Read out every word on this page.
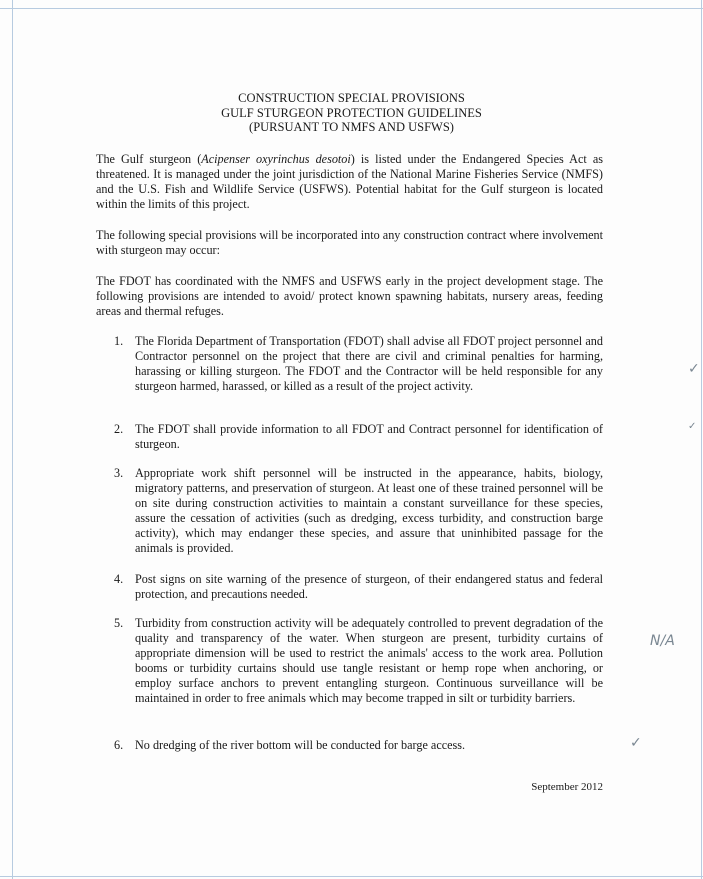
CONSTRUCTION SPECIAL PROVISIONS
GULF STURGEON PROTECTION GUIDELINES
(PURSUANT TO NMFS AND USFWS)
The Gulf sturgeon (Acipenser oxyrinchus desotoi) is listed under the Endangered Species Act as threatened. It is managed under the joint jurisdiction of the National Marine Fisheries Service (NMFS) and the U.S. Fish and Wildlife Service (USFWS). Potential habitat for the Gulf sturgeon is located within the limits of this project.
The following special provisions will be incorporated into any construction contract where involvement with sturgeon may occur:
The FDOT has coordinated with the NMFS and USFWS early in the project development stage. The following provisions are intended to avoid/ protect known spawning habitats, nursery areas, feeding areas and thermal refuges.
1. The Florida Department of Transportation (FDOT) shall advise all FDOT project personnel and Contractor personnel on the project that there are civil and criminal penalties for harming, harassing or killing sturgeon. The FDOT and the Contractor will be held responsible for any sturgeon harmed, harassed, or killed as a result of the project activity.
2. The FDOT shall provide information to all FDOT and Contract personnel for identification of sturgeon.
3. Appropriate work shift personnel will be instructed in the appearance, habits, biology, migratory patterns, and preservation of sturgeon. At least one of these trained personnel will be on site during construction activities to maintain a constant surveillance for these species, assure the cessation of activities (such as dredging, excess turbidity, and construction barge activity), which may endanger these species, and assure that uninhibited passage for the animals is provided.
4. Post signs on site warning of the presence of sturgeon, of their endangered status and federal protection, and precautions needed.
5. Turbidity from construction activity will be adequately controlled to prevent degradation of the quality and transparency of the water. When sturgeon are present, turbidity curtains of appropriate dimension will be used to restrict the animals' access to the work area. Pollution booms or turbidity curtains should use tangle resistant or hemp rope when anchoring, or employ surface anchors to prevent entangling sturgeon. Continuous surveillance will be maintained in order to free animals which may become trapped in silt or turbidity barriers.
6. No dredging of the river bottom will be conducted for barge access.
September 2012
✓
✓
N/A
✓
